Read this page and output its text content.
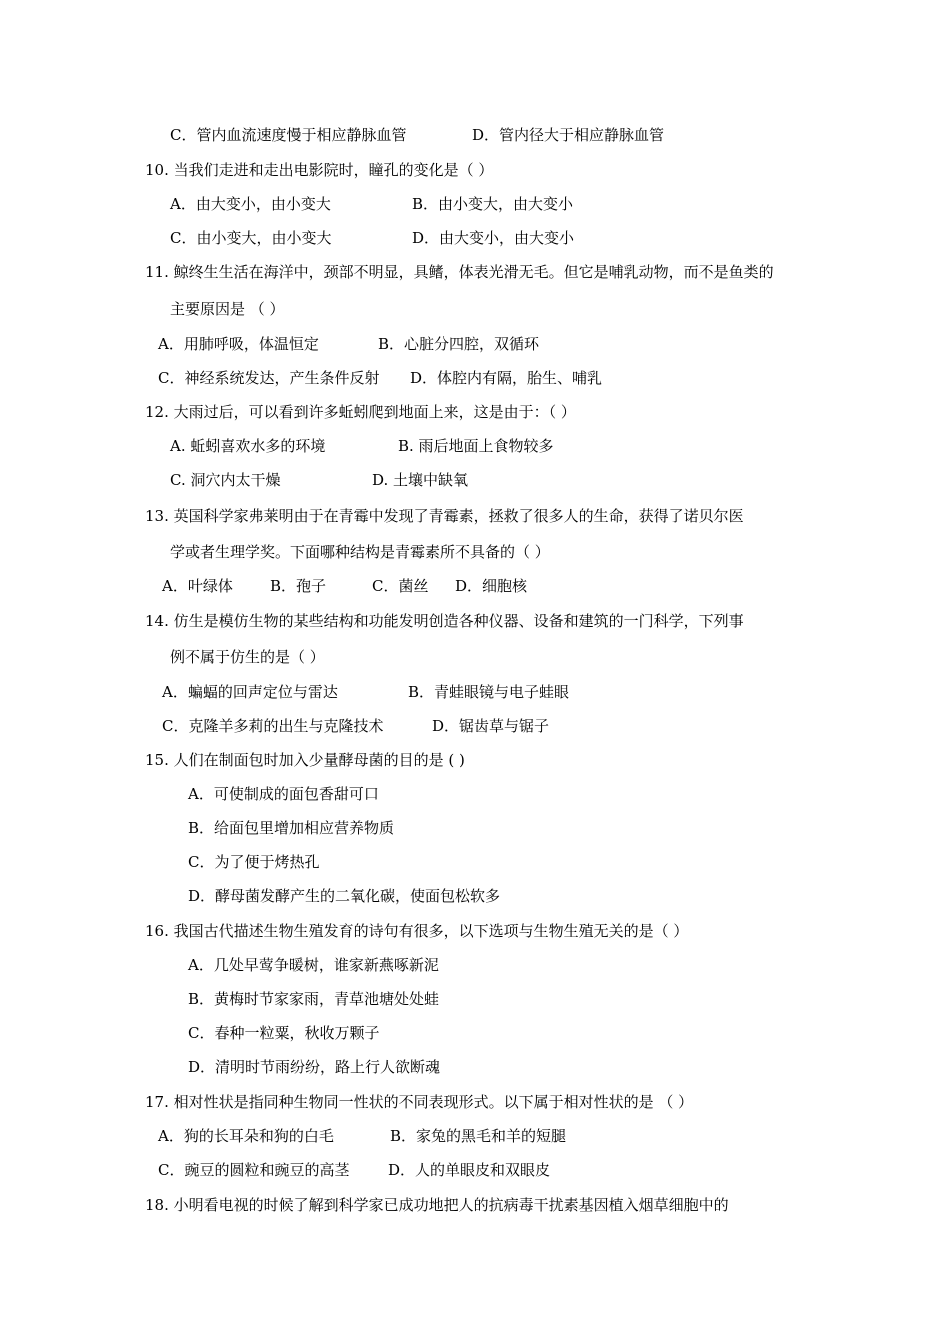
C．管内血流速度慢于相应静脉血管	D．管内径大于相应静脉血管
10. 当我们走进和走出电影院时，瞳孔的变化是（ ）
A．由大变小，由小变大	B．由小变大，由大变小
C．由小变大，由小变大	D．由大变小，由大变小
11. 鲸终生生活在海洋中，颈部不明显，具鳍，体表光滑无毛。但它是哺乳动物，而不是鱼类的
主要原因是 （ ）
A．用肺呼吸，体温恒定	B．心脏分四腔，双循环
C．神经系统发达，产生条件反射 D．体腔内有隔，胎生、哺乳
12. 大雨过后，可以看到许多蚯蚓爬到地面上来，这是由于：（ ）
A. 蚯蚓喜欢水多的环境	B. 雨后地面上食物较多
C. 洞穴内太干燥	D. 土壤中缺氧
13. 英国科学家弗莱明由于在青霉中发现了青霉素，拯救了很多人的生命，获得了诺贝尔医
学或者生理学奖。下面哪种结构是青霉素所不具备的（ ）
A．叶绿体 B．孢子	C．菌丝 D．细胞核
14. 仿生是模仿生物的某些结构和功能发明创造各种仪器、设备和建筑的一门科学，下列事
例不属于仿生的是（ ）
A．蝙蝠的回声定位与雷达	B．青蛙眼镜与电子蛙眼
C．克隆羊多莉的出生与克隆技术	D．锯齿草与锯子
15. 人们在制面包时加入少量酵母菌的目的是 ( )
A．可使制成的面包香甜可口
B．给面包里增加相应营养物质
C．为了便于烤热孔
D．酵母菌发酵产生的二氧化碳，使面包松软多
16. 我国古代描述生物生殖发育的诗句有很多，以下选项与生物生殖无关的是（ ）
A．几处早莺争暖树，谁家新燕啄新泥
B．黄梅时节家家雨，青草池塘处处蛙
C．春种一粒粟，秋收万颗子
D．清明时节雨纷纷，路上行人欲断魂
17. 相对性状是指同种生物同一性状的不同表现形式。以下属于相对性状的是 （ ）
A．狗的长耳朵和狗的白毛	B．家兔的黑毛和羊的短腿
C．豌豆的圆粒和豌豆的高茎	D．人的单眼皮和双眼皮
18. 小明看电视的时候了解到科学家已成功地把人的抗病毒干扰素基因植入烟草细胞中的
